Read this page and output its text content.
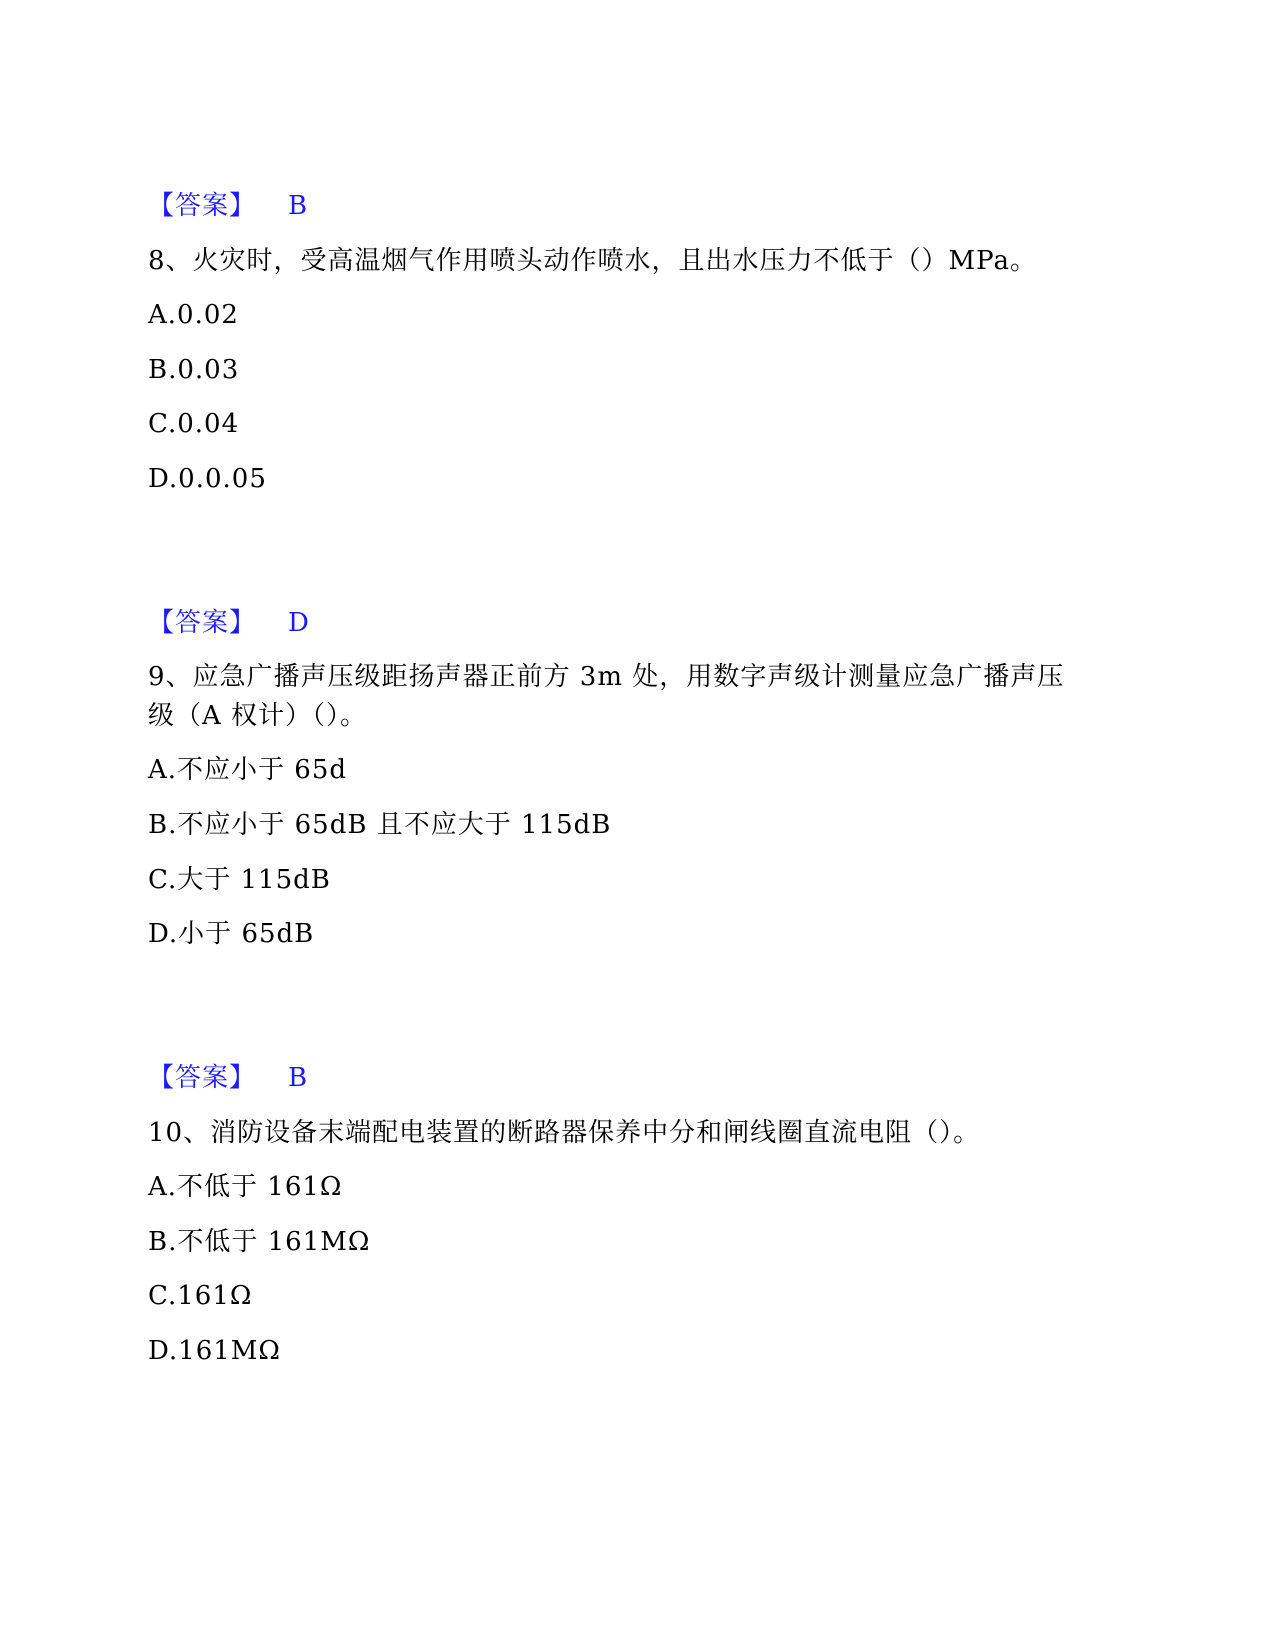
【答案】 B
8、火灾时，受高温烟气作用喷头动作喷水，且出水压力不低于（）MPa。
A.0.02
B.0.03
C.0.04
D.0.0.05
【答案】 D
9、应急广播声压级距扬声器正前方 3m 处，用数字声级计测量应急广播声压
级（A 权计）（）。
A.不应小于 65d
B.不应小于 65dB 且不应大于 115dB
C.大于 115dB
D.小于 65dB
【答案】 B
10、消防设备末端配电装置的断路器保养中分和闸线圈直流电阻（）。
A.不低于 161Ω
B.不低于 161MΩ
C.161Ω
D.161MΩ
